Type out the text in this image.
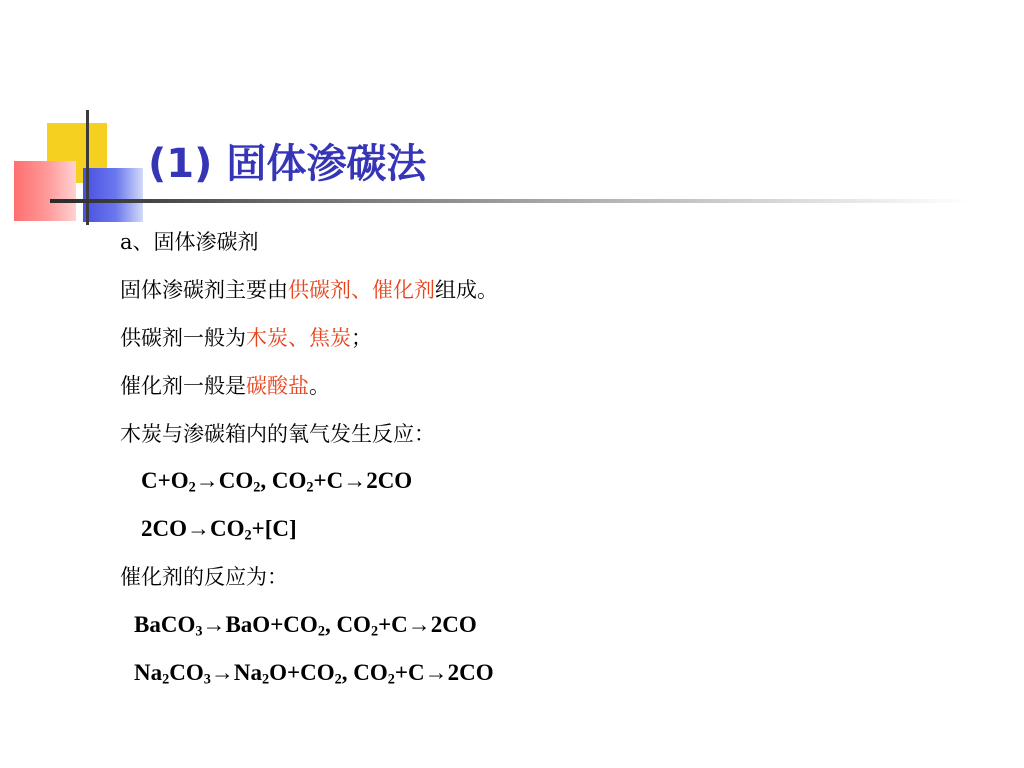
(1) 固体渗碳法
a、固体渗碳剂
固体渗碳剂主要由供碳剂、催化剂组成。
供碳剂一般为木炭、焦炭；
催化剂一般是碳酸盐。
木炭与渗碳箱内的氧气发生反应：
$C+O_2\to CO_2$, $CO_2+C\to 2CO$
$2CO\to CO_2+[C]$
催化剂的反应为：
$BaCO_3\to BaO+CO_2$, $CO_2+C\to 2CO$
$Na_2CO_3\to Na_2O+CO_2$, $CO_2+C\to 2CO$
